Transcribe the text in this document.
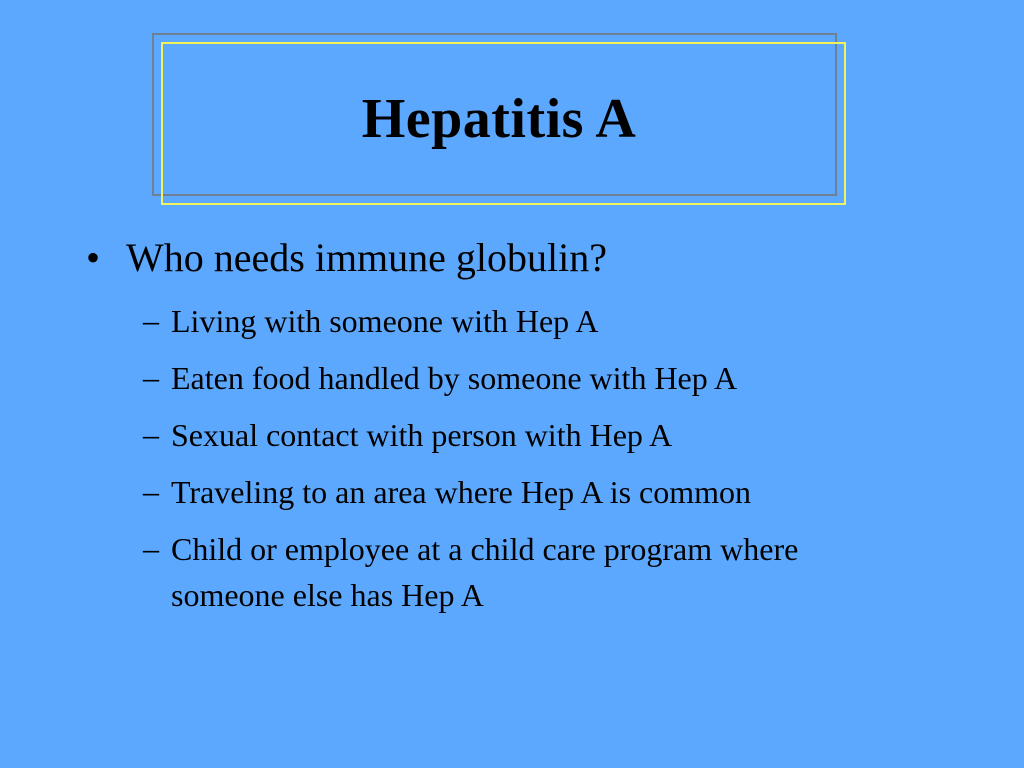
Hepatitis A
• Who needs immune globulin?
– Living with someone with Hep A
– Eaten food handled by someone with Hep A
– Sexual contact with person with Hep A
– Traveling to an area where Hep A is common
– Child or employee at a child care program where someone else has Hep A
